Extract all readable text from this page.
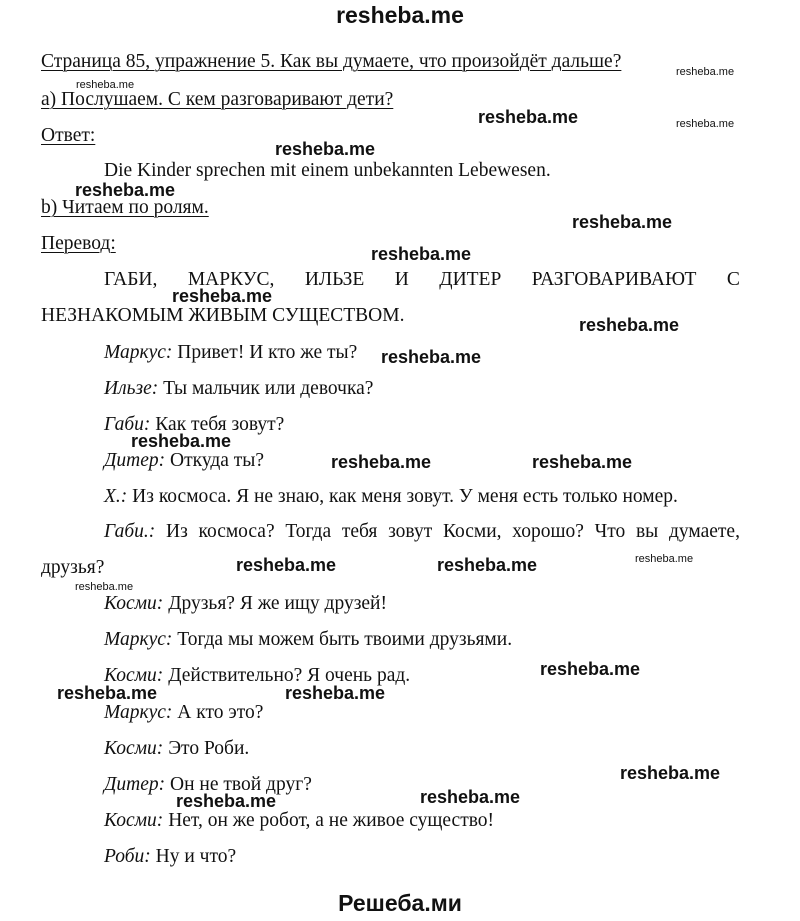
resheba.me
Страница 85, упражнение 5. Как вы думаете, что произойдёт дальше?
а) Послушаем. С кем разговаривают дети?
Ответ:
Die Kinder sprechen mit einem unbekannten Lebewesen.
b) Читаем по ролям.
Перевод:
ГАБИ, МАРКУС, ИЛЬЗЕ И ДИТЕР РАЗГОВАРИВАЮТ С
НЕЗНАКОМЫМ ЖИВЫМ СУЩЕСТВОМ.
Маркус: Привет! И кто же ты?
Ильзе: Ты мальчик или девочка?
Габи: Как тебя зовут?
Дитер: Откуда ты?
X.: Из космоса. Я не знаю, как меня зовут. У меня есть только номер.
Габи.: Из космоса? Тогда тебя зовут Косми, хорошо? Что вы думаете,
друзья?
Косми: Друзья? Я же ищу друзей!
Маркус: Тогда мы можем быть твоими друзьями.
Косми: Действительно? Я очень рад.
Маркус: А кто это?
Косми: Это Роби.
Дитер: Он не твой друг?
Косми: Нет, он же робот, а не живое существо!
Роби: Ну и что?
resheba.me
resheba.me
resheba.me
resheba.me
resheba.me
resheba.me
resheba.me
resheba.me
resheba.me
resheba.me
resheba.me
resheba.me
resheba.me	resheba.me
resheba.me	resheba.me	resheba.me
resheba.me
resheba.me
resheba.me	resheba.me
resheba.me
resheba.me
resheba.me
Решеба.ми
